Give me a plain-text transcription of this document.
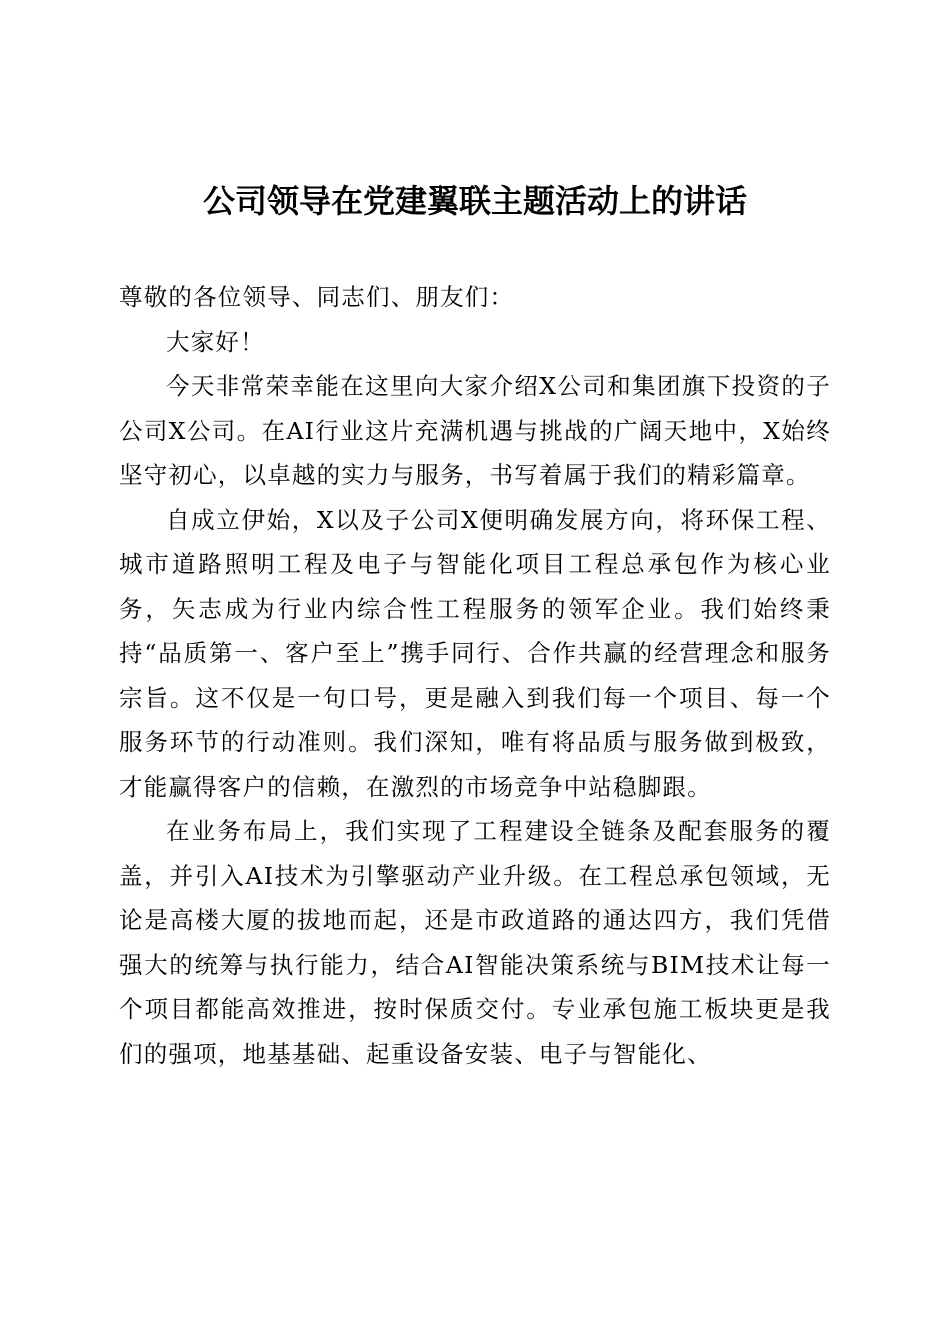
公司领导在党建翼联主题活动上的讲话

尊敬的各位领导、同志们、朋友们：

大家好！

今天非常荣幸能在这里向大家介绍X公司和集团旗下投资的子公司X公司。在AI行业这片充满机遇与挑战的广阔天地中，X始终坚守初心，以卓越的实力与服务，书写着属于我们的精彩篇章。

自成立伊始，X以及子公司X便明确发展方向，将环保工程、城市道路照明工程及电子与智能化项目工程总承包作为核心业务，矢志成为行业内综合性工程服务的领军企业。我们始终秉持“品质第一、客户至上”携手同行、合作共赢的经营理念和服务宗旨。这不仅是一句口号，更是融入到我们每一个项目、每一个服务环节的行动准则。我们深知，唯有将品质与服务做到极致，才能赢得客户的信赖，在激烈的市场竞争中站稳脚跟。

在业务布局上，我们实现了工程建设全链条及配套服务的覆盖，并引入AI技术为引擎驱动产业升级。在工程总承包领域，无论是高楼大厦的拔地而起，还是市政道路的通达四方，我们凭借强大的统筹与执行能力，结合AI智能决策系统与BIM技术让每一个项目都能高效推进，按时保质交付。专业承包施工板块更是我们的强项，地基基础、起重设备安装、电子与智能化、
